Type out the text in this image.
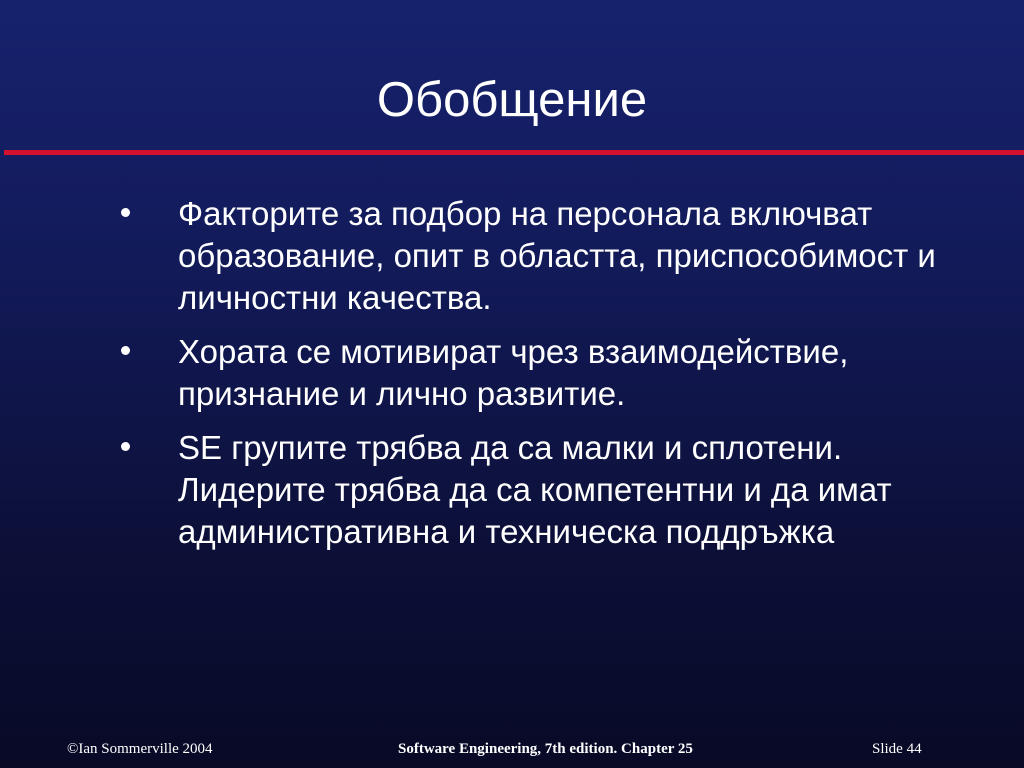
Обобщение
Факторите за подбор на персонала включват образование, опит в областта, приспособимост и личностни качества.
Хората се мотивират чрез взаимодействие, признание и лично развитие.
SE групите трябва да са малки и сплотени. Лидерите трябва да са компетентни и да имат административна и техническа поддръжка
©Ian Sommerville 2004	Software Engineering, 7th edition. Chapter 25	Slide 44
